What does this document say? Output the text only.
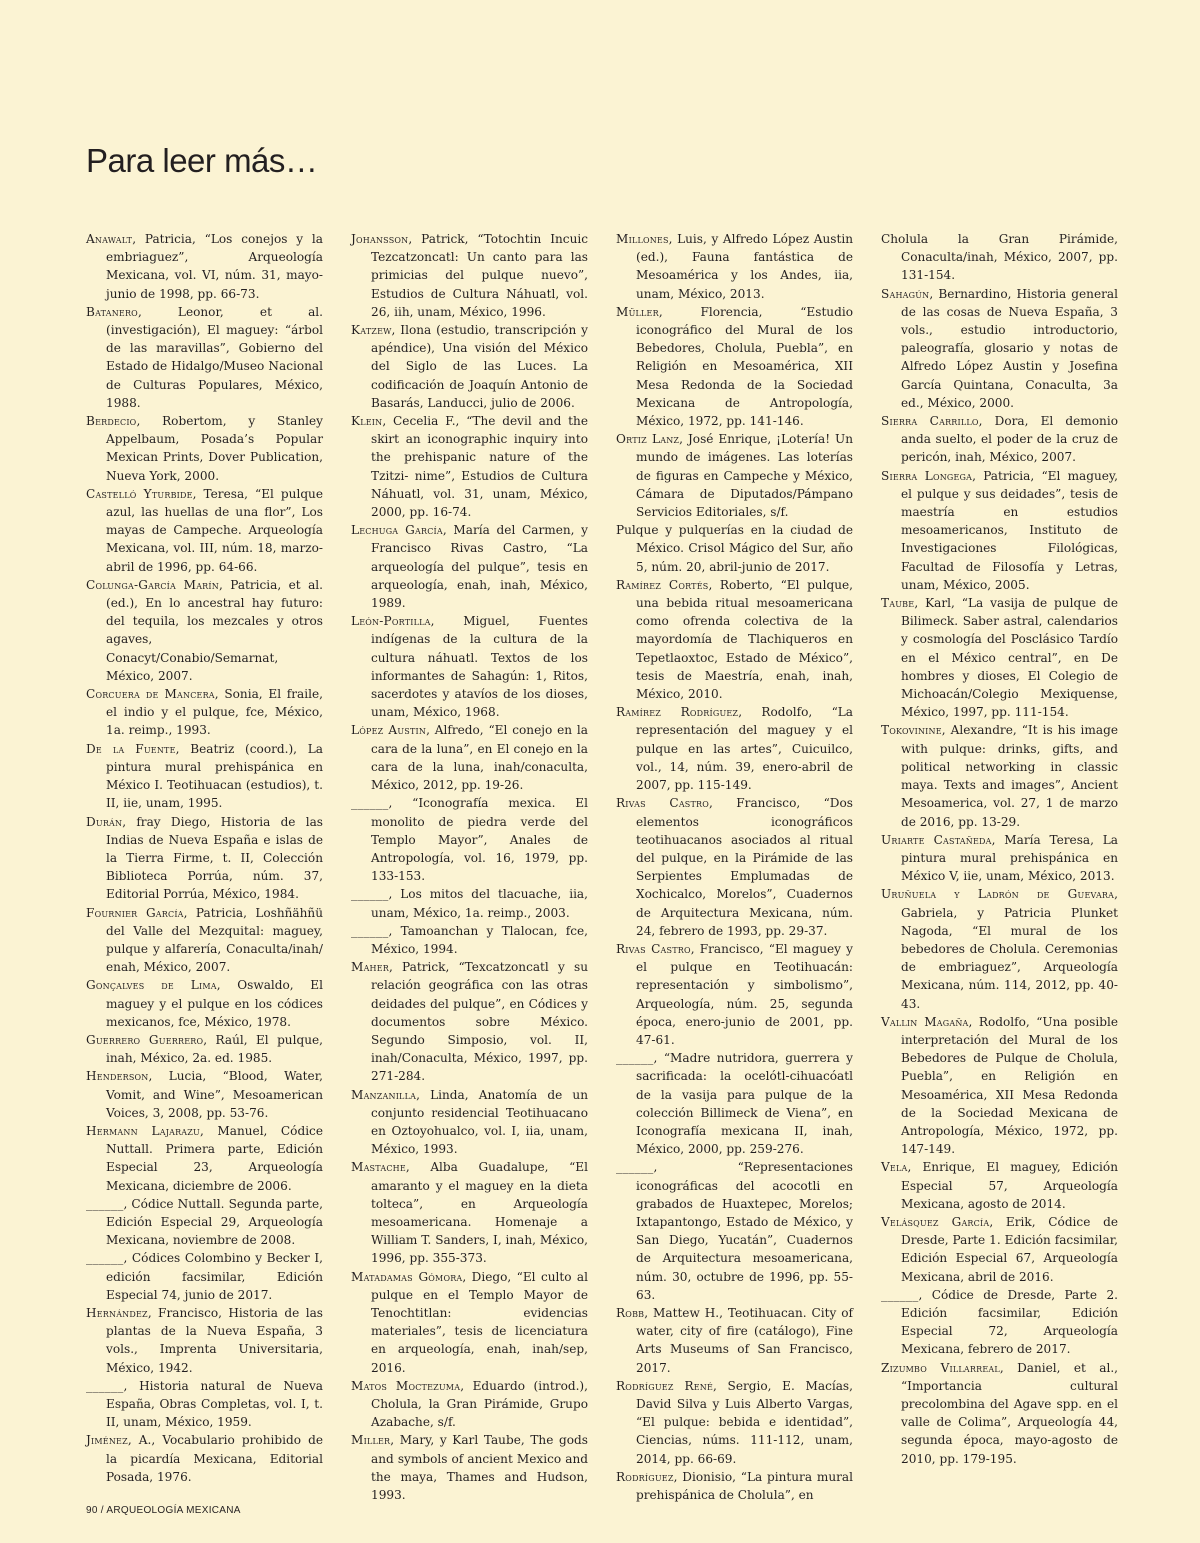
Para leer más…

Anawalt, Patricia, “Los conejos y la embriaguez”, Arqueología Mexicana, vol. VI, núm. 31, mayo-junio de 1998, pp. 66-73.

Batanero, Leonor, et al. (investigación), El maguey: “árbol de las maravillas”, Gobierno del Estado de Hidalgo/Museo Nacional de Culturas Populares, México, 1988.

Berdecio, Robertom, y Stanley Appelbaum, Posada’s Popular Mexican Prints, Dover Publication, Nueva York, 2000.

Castelló Yturbide, Teresa, “El pulque azul, las huellas de una flor”, Los mayas de Campeche. Arqueología Mexicana, vol. III, núm. 18, marzo-abril de 1996, pp. 64-66.

Colunga-García Marín, Patricia, et al. (ed.), En lo ancestral hay futuro: del tequila, los mezcales y otros agaves, Conacyt/Conabio/Semarnat, México, 2007.

Corcuera de Mancera, Sonia, El fraile, el indio y el pulque, fce, México, 1a. reimp., 1993.

De la Fuente, Beatriz (coord.), La pintura mural prehispánica en México I. Teotihuacan (estudios), t. II, iie, unam, 1995.

Durán, fray Diego, Historia de las Indias de Nueva España e islas de la Tierra Firme, t. II, Colección Biblioteca Porrúa, núm. 37, Editorial Porrúa, México, 1984.

Fournier García, Patricia, Loshñähñü del Valle del Mezquital: maguey, pulque y alfarería, Conaculta/inah/ enah, México, 2007.

Gonçalves de Lima, Oswaldo, El maguey y el pulque en los códices mexicanos, fce, México, 1978.

Guerrero Guerrero, Raúl, El pulque, inah, México, 2a. ed. 1985.

Henderson, Lucia, “Blood, Water, Vomit, and Wine”, Mesoamerican Voices, 3, 2008, pp. 53-76.

Hermann Lajarazu, Manuel, Códice Nuttall. Primera parte, Edición Especial 23, Arqueología Mexicana, diciembre de 2006.

______, Códice Nuttall. Segunda parte, Edición Especial 29, Arqueología Mexicana, noviembre de 2008.

______, Códices Colombino y Becker I, edición facsimilar, Edición Especial 74, junio de 2017.

Hernández, Francisco, Historia de las plantas de la Nueva España, 3 vols., Imprenta Universitaria, México, 1942.

______, Historia natural de Nueva España, Obras Completas, vol. I, t. II, unam, México, 1959.

Jiménez, A., Vocabulario prohibido de la picardía Mexicana, Editorial Posada, 1976.

Johansson, Patrick, “Totochtin Incuic Tezcatzoncatl: Un canto para las primicias del pulque nuevo”, Estudios de Cultura Náhuatl, vol. 26, iih, unam, México, 1996.

Katzew, Ilona (estudio, transcripción y apéndice), Una visión del México del Siglo de las Luces. La codificación de Joaquín Antonio de Basarás, Landucci, julio de 2006.

Klein, Cecelia F., “The devil and the skirt an iconographic inquiry into the prehispanic nature of the Tzitzi- nime”, Estudios de Cultura Náhuatl, vol. 31, unam, México, 2000, pp. 16-74.

Lechuga García, María del Carmen, y Francisco Rivas Castro, “La arqueología del pulque”, tesis en arqueología, enah, inah, México, 1989.

León-Portilla, Miguel, Fuentes indígenas de la cultura de la cultura náhuatl. Textos de los informantes de Sahagún: 1, Ritos, sacerdotes y atavíos de los dioses, unam, México, 1968.

López Austin, Alfredo, “El conejo en la cara de la luna”, en El conejo en la cara de la luna, inah/conaculta, México, 2012, pp. 19-26.

______, “Iconografía mexica. El monolito de piedra verde del Templo Mayor”, Anales de Antropología, vol. 16, 1979, pp. 133-153.

______, Los mitos del tlacuache, iia, unam, México, 1a. reimp., 2003.

______, Tamoanchan y Tlalocan, fce, México, 1994.

Maher, Patrick, “Texcatzoncatl y su relación geográfica con las otras deidades del pulque”, en Códices y documentos sobre México. Segundo Simposio, vol. II, inah/Conaculta, México, 1997, pp. 271-284.

Manzanilla, Linda, Anatomía de un conjunto residencial Teotihuacano en Oztoyohualco, vol. I, iia, unam, México, 1993.

Mastache, Alba Guadalupe, “El amaranto y el maguey en la dieta tolteca”, en Arqueología mesoamericana. Homenaje a William T. Sanders, I, inah, México, 1996, pp. 355-373.

Matadamas Gómora, Diego, “El culto al pulque en el Templo Mayor de Tenochtitlan: evidencias materiales”, tesis de licenciatura en arqueología, enah, inah/sep, 2016.

Matos Moctezuma, Eduardo (introd.), Cholula, la Gran Pirámide, Grupo Azabache, s/f.

Miller, Mary, y Karl Taube, The gods and symbols of ancient Mexico and the maya, Thames and Hudson, 1993.

Millones, Luis, y Alfredo López Austin (ed.), Fauna fantástica de Mesoamérica y los Andes, iia, unam, México, 2013.

Müller, Florencia, “Estudio iconográfico del Mural de los Bebedores, Cholula, Puebla”, en Religión en Mesoamérica, XII Mesa Redonda de la Sociedad Mexicana de Antropología, México, 1972, pp. 141-146.

Ortiz Lanz, José Enrique, ¡Lotería! Un mundo de imágenes. Las loterías de figuras en Campeche y México, Cámara de Diputados/Pámpano Servicios Editoriales, s/f.

Pulque y pulquerías en la ciudad de México. Crisol Mágico del Sur, año 5, núm. 20, abril-junio de 2017.

Ramírez Cortés, Roberto, “El pulque, una bebida ritual mesoamericana como ofrenda colectiva de la mayordomía de Tlachiqueros en Tepetlaoxtoc, Estado de México”, tesis de Maestría, enah, inah, México, 2010.

Ramírez Rodríguez, Rodolfo, “La representación del maguey y el pulque en las artes”, Cuicuilco, vol., 14, núm. 39, enero-abril de 2007, pp. 115-149.

Rivas Castro, Francisco, “Dos elementos iconográficos teotihuacanos asociados al ritual del pulque, en la Pirámide de las Serpientes Emplumadas de Xochicalco, Morelos”, Cuadernos de Arquitectura Mexicana, núm. 24, febrero de 1993, pp. 29-37.

Rivas Castro, Francisco, “El maguey y el pulque en Teotihuacán: representación y simbolismo”, Arqueología, núm. 25, segunda época, enero-junio de 2001, pp. 47-61.

______, “Madre nutridora, guerrera y sacrificada: la ocelótl-cihuacóatl de la vasija para pulque de la colección Billimeck de Viena”, en Iconografía mexicana II, inah, México, 2000, pp. 259-276.

______, “Representaciones iconográficas del acocotli en grabados de Huaxtepec, Morelos; Ixtapantongo, Estado de México, y San Diego, Yucatán”, Cuadernos de Arquitectura mesoamericana, núm. 30, octubre de 1996, pp. 55-63.

Robb, Mattew H., Teotihuacan. City of water, city of fire (catálogo), Fine Arts Museums of San Francisco, 2017.

Rodríguez René, Sergio, E. Macías, David Silva y Luis Alberto Vargas, “El pulque: bebida e identidad”, Ciencias, núms. 111-112, unam, 2014, pp. 66-69.

Rodríguez, Dionisio, “La pintura mural prehispánica de Cholula”, en

Cholula la Gran Pirámide, Conaculta/inah, México, 2007, pp. 131-154.

Sahagún, Bernardino, Historia general de las cosas de Nueva España, 3 vols., estudio introductorio, paleografía, glosario y notas de Alfredo López Austin y Josefina García Quintana, Conaculta, 3a ed., México, 2000.

Sierra Carrillo, Dora, El demonio anda suelto, el poder de la cruz de pericón, inah, México, 2007.

Sierra Longega, Patricia, “El maguey, el pulque y sus deidades”, tesis de maestría en estudios mesoamericanos, Instituto de Investigaciones Filológicas, Facultad de Filosofía y Letras, unam, México, 2005.

Taube, Karl, “La vasija de pulque de Bilimeck. Saber astral, calendarios y cosmología del Posclásico Tardío en el México central”, en De hombres y dioses, El Colegio de Michoacán/Colegio Mexiquense, México, 1997, pp. 111-154.

Tokovinine, Alexandre, “It is his image with pulque: drinks, gifts, and political networking in classic maya. Texts and images”, Ancient Mesoamerica, vol. 27, 1 de marzo de 2016, pp. 13-29.

Uriarte Castañeda, María Teresa, La pintura mural prehispánica en México V, iie, unam, México, 2013.

Uruñuela y Ladrón de Guevara, Gabriela, y Patricia Plunket Nagoda, “El mural de los bebedores de Cholula. Ceremonias de embriaguez”, Arqueología Mexicana, núm. 114, 2012, pp. 40-43.

Vallin Magaña, Rodolfo, “Una posible interpretación del Mural de los Bebedores de Pulque de Cholula, Puebla”, en Religión en Mesoamérica, XII Mesa Redonda de la Sociedad Mexicana de Antropología, México, 1972, pp. 147-149.

Vela, Enrique, El maguey, Edición Especial 57, Arqueología Mexicana, agosto de 2014.

Velásquez García, Erik, Códice de Dresde, Parte 1. Edición facsimilar, Edición Especial 67, Arqueología Mexicana, abril de 2016.

______, Códice de Dresde, Parte 2. Edición facsimilar, Edición Especial 72, Arqueología Mexicana, febrero de 2017.

Zizumbo Villarreal, Daniel, et al., “Importancia cultural precolombina del Agave spp. en el valle de Colima”, Arqueología 44, segunda época, mayo-agosto de 2010, pp. 179-195.

90 / ARQUEOLOGÍA MEXICANA
